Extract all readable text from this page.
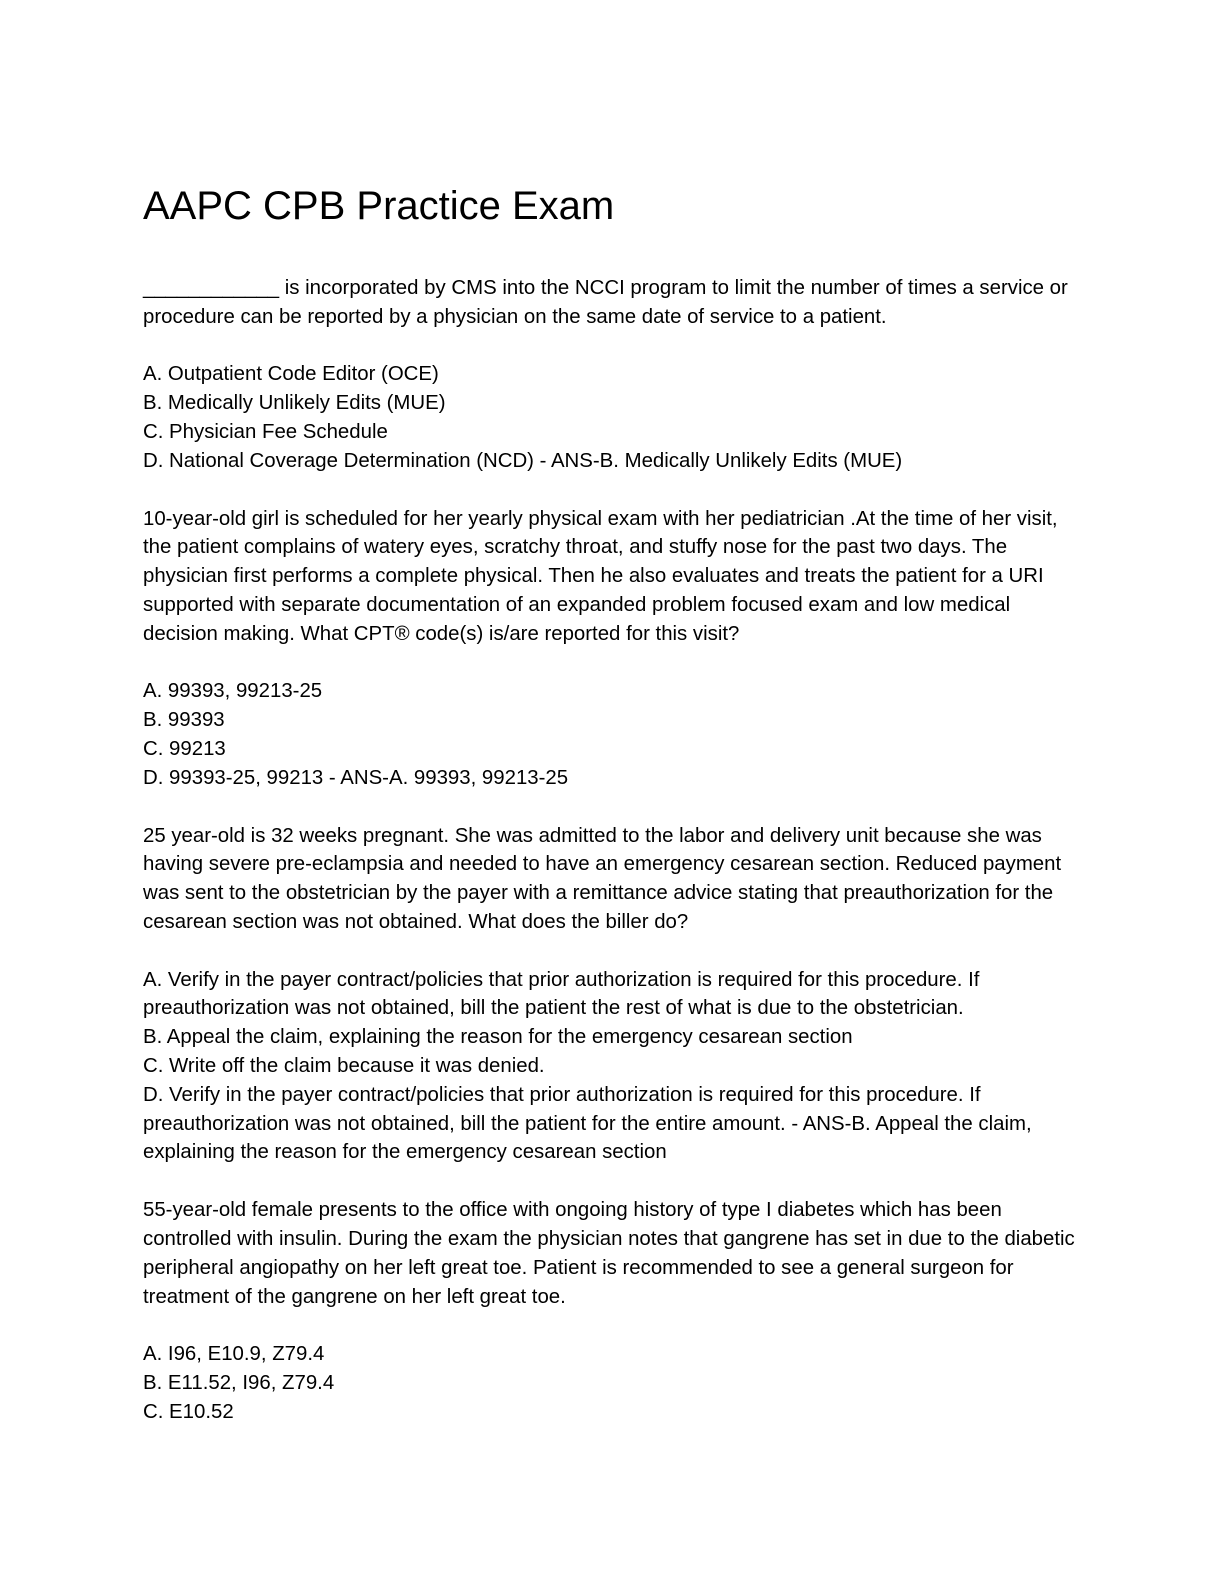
AAPC CPB Practice Exam

____________ is incorporated by CMS into the NCCI program to limit the number of times a service or procedure can be reported by a physician on the same date of service to a patient.

A. Outpatient Code Editor (OCE)
B. Medically Unlikely Edits (MUE)
C. Physician Fee Schedule
D. National Coverage Determination (NCD) - ANS-B. Medically Unlikely Edits (MUE)

10-year-old girl is scheduled for her yearly physical exam with her pediatrician .At the time of her visit, the patient complains of watery eyes, scratchy throat, and stuffy nose for the past two days. The physician first performs a complete physical. Then he also evaluates and treats the patient for a URI supported with separate documentation of an expanded problem focused exam and low medical decision making. What CPT® code(s) is/are reported for this visit?

A. 99393, 99213-25
B. 99393
C. 99213
D. 99393-25, 99213 - ANS-A. 99393, 99213-25

25 year-old is 32 weeks pregnant. She was admitted to the labor and delivery unit because she was having severe pre-eclampsia and needed to have an emergency cesarean section. Reduced payment was sent to the obstetrician by the payer with a remittance advice stating that preauthorization for the cesarean section was not obtained. What does the biller do?

A. Verify in the payer contract/policies that prior authorization is required for this procedure. If preauthorization was not obtained, bill the patient the rest of what is due to the obstetrician.
B. Appeal the claim, explaining the reason for the emergency cesarean section
C. Write off the claim because it was denied.
D. Verify in the payer contract/policies that prior authorization is required for this procedure. If preauthorization was not obtained, bill the patient for the entire amount. - ANS-B. Appeal the claim, explaining the reason for the emergency cesarean section

55-year-old female presents to the office with ongoing history of type I diabetes which has been controlled with insulin. During the exam the physician notes that gangrene has set in due to the diabetic peripheral angiopathy on her left great toe. Patient is recommended to see a general surgeon for treatment of the gangrene on her left great toe.

A. I96, E10.9, Z79.4
B. E11.52, I96, Z79.4
C. E10.52
